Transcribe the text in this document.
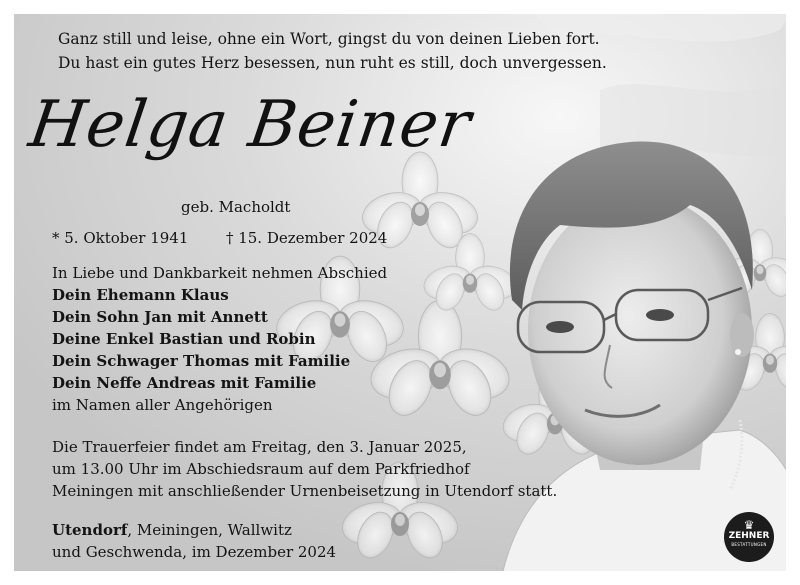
Ganz still und leise, ohne ein Wort, gingst du von deinen Lieben fort.
Du hast ein gutes Herz besessen, nun ruht es still, doch unvergessen.
Helga Beiner
geb. Macholdt
* 5. Oktober 1941	† 15. Dezember 2024
In Liebe und Dankbarkeit nehmen Abschied
Dein Ehemann Klaus
Dein Sohn Jan mit Annett
Deine Enkel Bastian und Robin
Dein Schwager Thomas mit Familie
Dein Neffe Andreas mit Familie
im Namen aller Angehörigen
Die Trauerfeier findet am Freitag, den 3. Januar 2025,
um 13.00 Uhr im Abschiedsraum auf dem Parkfriedhof
Meiningen mit anschließender Urnenbeisetzung in Utendorf statt.
Utendorf, Meiningen, Wallwitz
und Geschwenda, im Dezember 2024
♛
ZEHNER
BESTATTUNGEN
